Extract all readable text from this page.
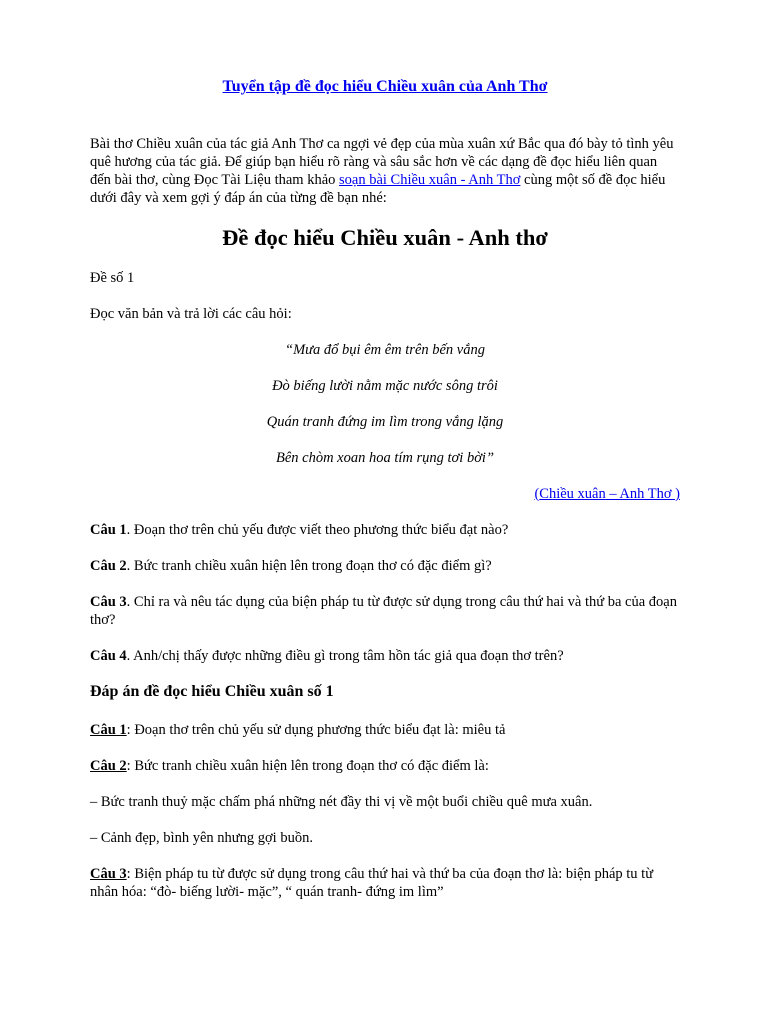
Tuyển tập đề đọc hiểu Chiều xuân của Anh Thơ
Bài thơ Chiều xuân của tác giả Anh Thơ ca ngợi vẻ đẹp của mùa xuân xứ Bắc qua đó bày tỏ tình yêu quê hương của tác giả. Để giúp bạn hiểu rõ ràng và sâu sắc hơn về các dạng đề đọc hiểu liên quan đến bài thơ, cùng Đọc Tài Liệu tham khảo soạn bài Chiều xuân - Anh Thơ cùng một số đề đọc hiểu dưới đây và xem gợi ý đáp án của từng đề bạn nhé:
Đề đọc hiểu Chiều xuân - Anh thơ
Đề số 1
Đọc văn bản và trả lời các câu hỏi:
“Mưa đổ bụi êm êm trên bến vắng
Đò biếng lười nằm mặc nước sông trôi
Quán tranh đứng im lìm trong vắng lặng
Bên chòm xoan hoa tím rụng tơi bời”
(Chiều xuân – Anh Thơ )
Câu 1. Đoạn thơ trên chủ yếu được viết theo phương thức biểu đạt nào?
Câu 2. Bức tranh chiều xuân hiện lên trong đoạn thơ có đặc điểm gì?
Câu 3. Chỉ ra và nêu tác dụng của biện pháp tu từ được sử dụng trong câu thứ hai và thứ ba của đoạn thơ?
Câu 4. Anh/chị thấy được những điều gì trong tâm hồn tác giả qua đoạn thơ trên?
Đáp án đề đọc hiểu Chiều xuân số 1
Câu 1: Đoạn thơ trên chủ yếu sử dụng phương thức biểu đạt là: miêu tả
Câu 2: Bức tranh chiều xuân hiện lên trong đoạn thơ có đặc điểm là:
– Bức tranh thuỷ mặc chấm phá những nét đầy thi vị về một buổi chiều quê mưa xuân.
– Cảnh đẹp, bình yên nhưng gợi buồn.
Câu 3: Biện pháp tu từ được sử dụng trong câu thứ hai và thứ ba của đoạn thơ là: biện pháp tu từ nhân hóa: “đò- biếng lười- mặc”, “ quán tranh- đứng im lìm”
